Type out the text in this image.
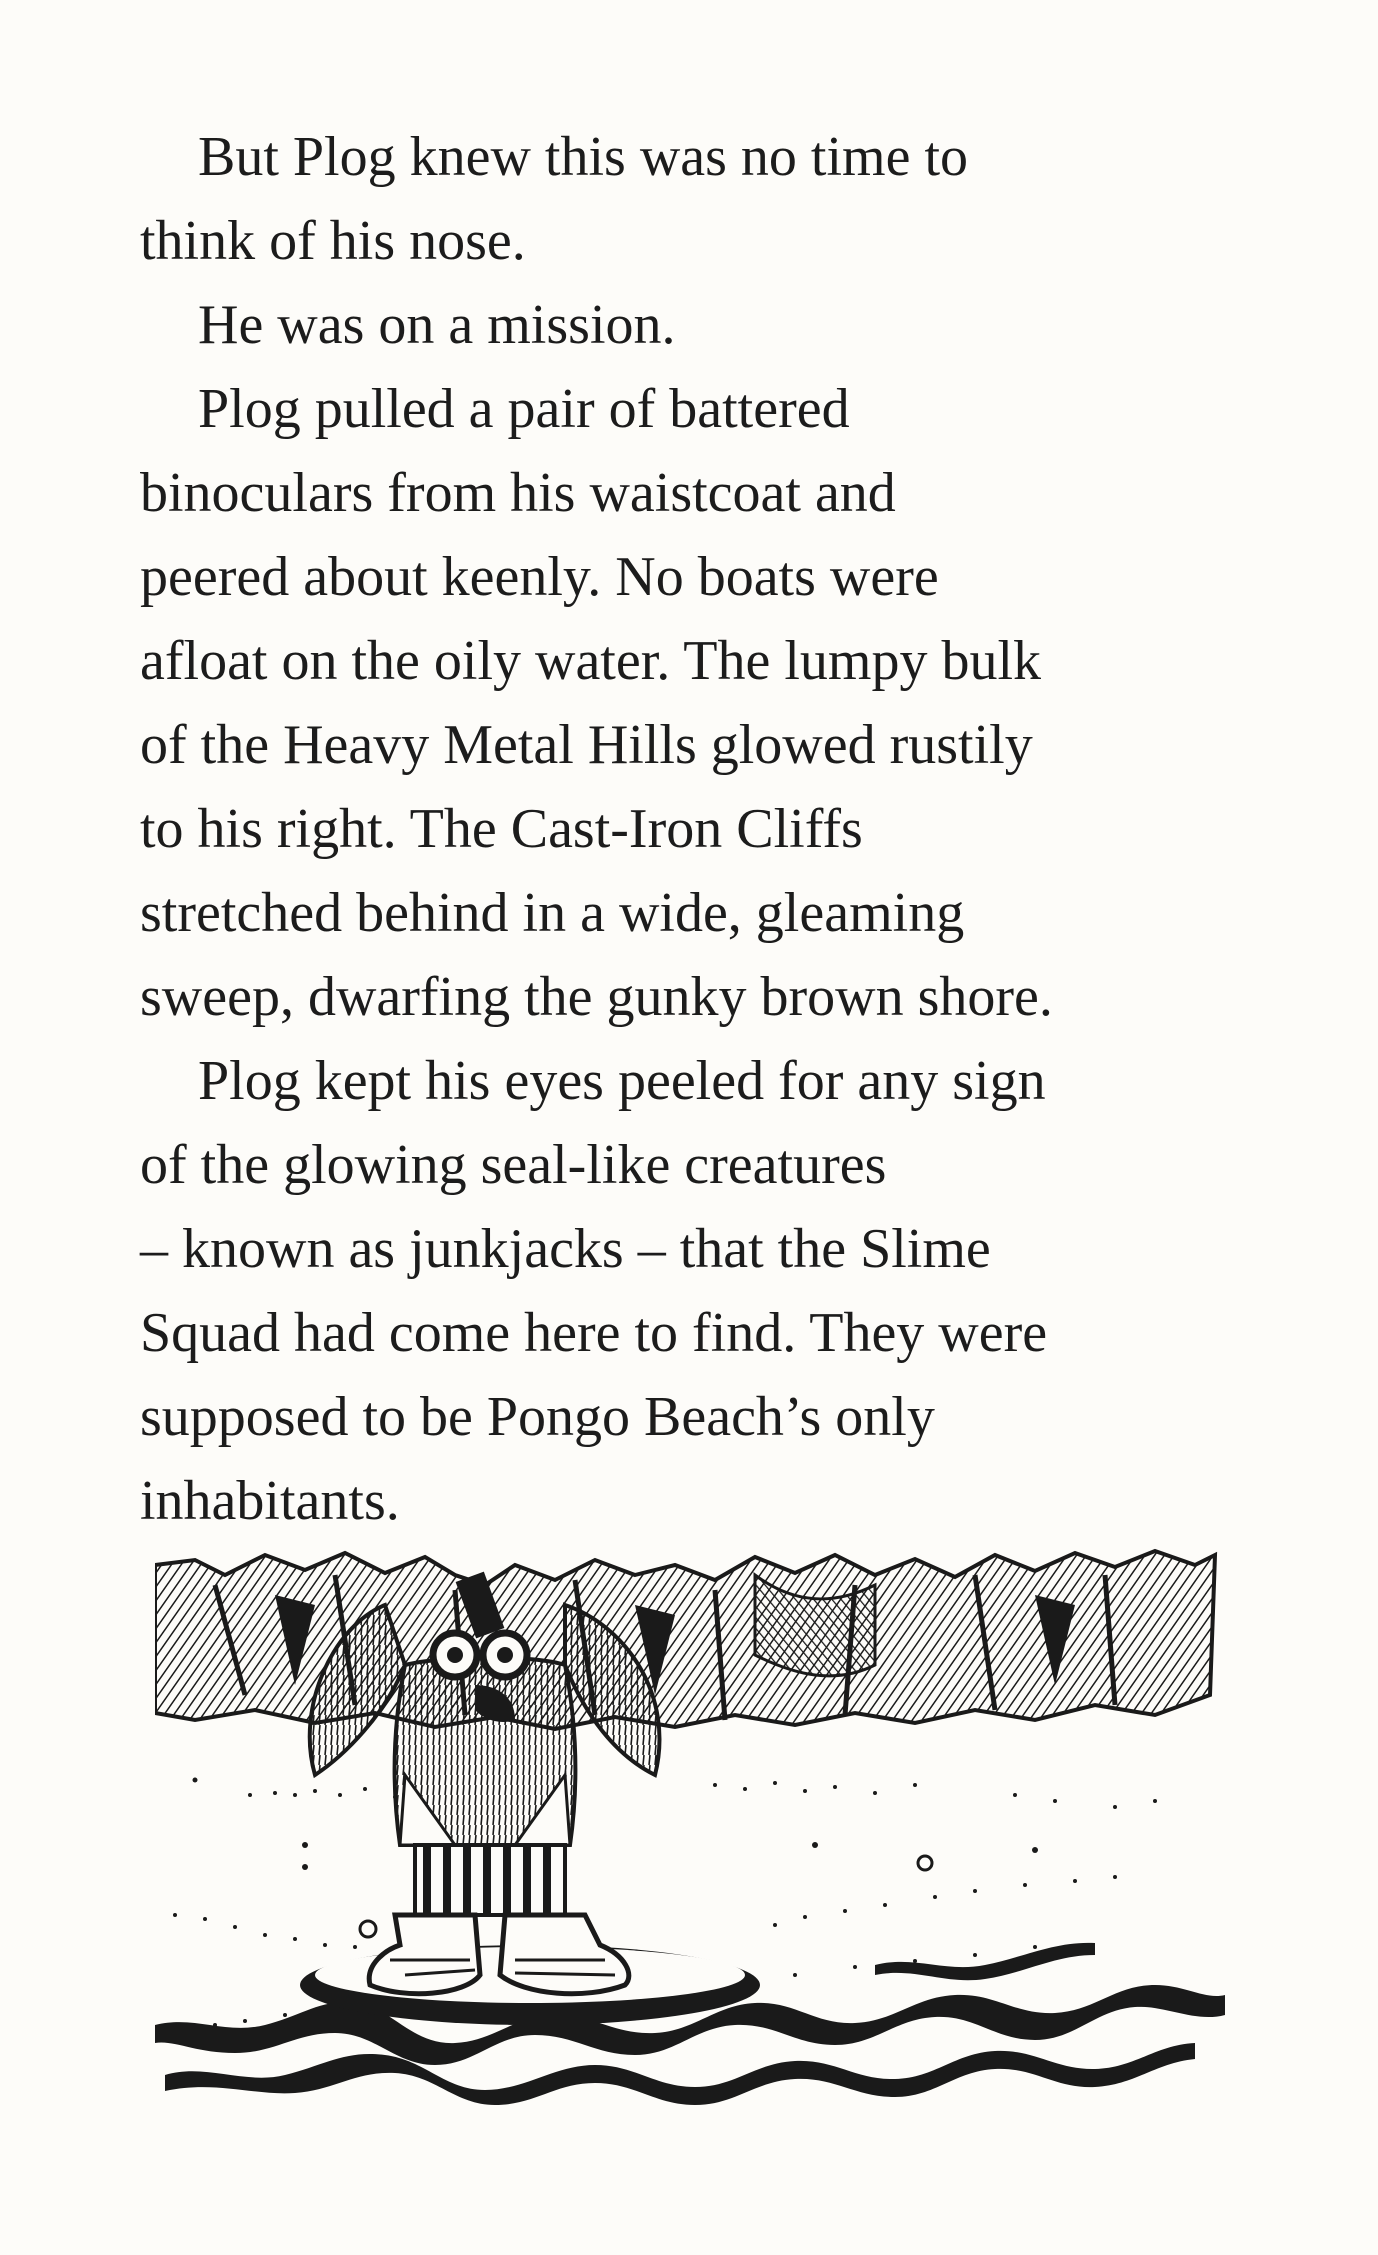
But Plog knew this was no time to
think of his nose.

He was on a mission.

Plog pulled a pair of battered
binoculars from his waistcoat and
peered about keenly. No boats were
afloat on the oily water. The lumpy bulk
of the Heavy Metal Hills glowed rustily
to his right. The Cast-Iron Cliffs
stretched behind in a wide, gleaming
sweep, dwarfing the gunky brown shore.

Plog kept his eyes peeled for any sign
of the glowing seal-like creatures
– known as junkjacks – that the Slime
Squad had come here to find. They were
supposed to be Pongo Beach’s only
inhabitants.
